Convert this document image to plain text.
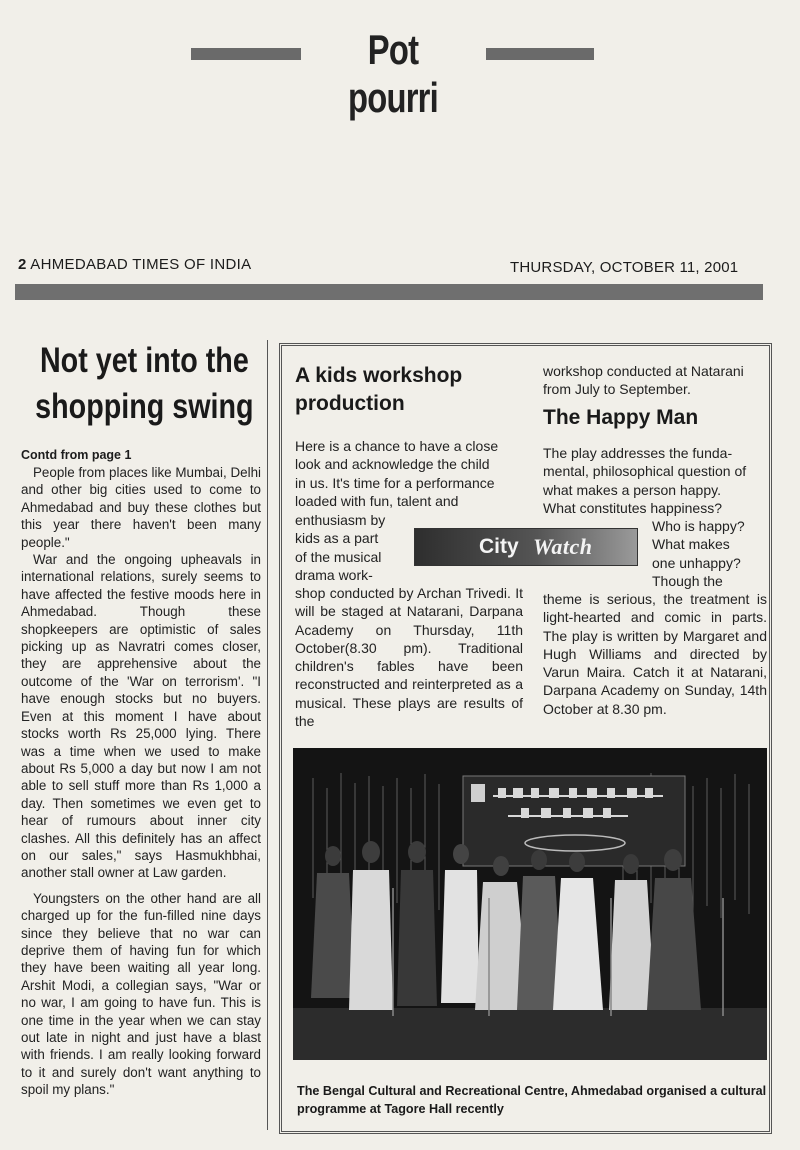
Pot pourri
2 AHMEDABAD TIMES OF INDIA	THURSDAY, OCTOBER 11, 2001
Not yet into the
shopping swing
Contd from page 1

People from places like Mumbai, Delhi and other big cities used to come to Ahmedabad and buy these clothes but this year there haven't been many people."

War and the ongoing upheavals in international relations, surely seems to have affected the festive moods here in Ahmedabad. Though these shopkeepers are optimistic of sales picking up as Navratri comes closer, they are apprehensive about the outcome of the 'War on terrorism'. "I have enough stocks but no buyers. Even at this moment I have about stocks worth Rs 25,000 lying. There was a time when we used to make about Rs 5,000 a day but now I am not able to sell stuff more than Rs 1,000 a day. Then sometimes we even get to hear of rumours about inner city clashes. All this definitely has an affect on our sales," says Hasmukhbhai, another stall owner at Law garden.

Youngsters on the other hand are all charged up for the fun-filled nine days since they believe that no war can deprive them of having fun for which they have been waiting all year long. Arshit Modi, a collegian says, "War or no war, I am going to have fun. This is one time in the year when we can stay out late in night and just have a blast with friends. I am really looking forward to it and surely don't want anything to spoil my plans."

A kids workshop
production

Here is a chance to have a close

look and acknowledge the child

in us. It's time for a performance

loaded with fun, talent and

enthusiasm by

kids as a part

of the musical

drama work-

shop conducted by Archan Trivedi. It will be staged at Natarani, Darpana Academy on Thursday, 11th October(8.30 pm). Traditional children's fables have been reconstructed and reinterpreted as a musical. These plays are results of the

workshop conducted at Natarani from July to September.

The Happy Man

The play addresses the funda-

mental, philosophical question of

what makes a person happy.

What constitutes happiness?

Who is happy?

What makes

one unhappy?

Though the

theme is serious, the treatment is light-hearted and comic in parts. The play is written by Margaret and Hugh Williams and directed by Varun Maira. Catch it at Natarani, Darpana Academy on Sunday, 14th October at 8.30 pm.

City Watch
The Bengal Cultural and Recreational Centre, Ahmedabad organised a cultural programme at Tagore Hall recently
